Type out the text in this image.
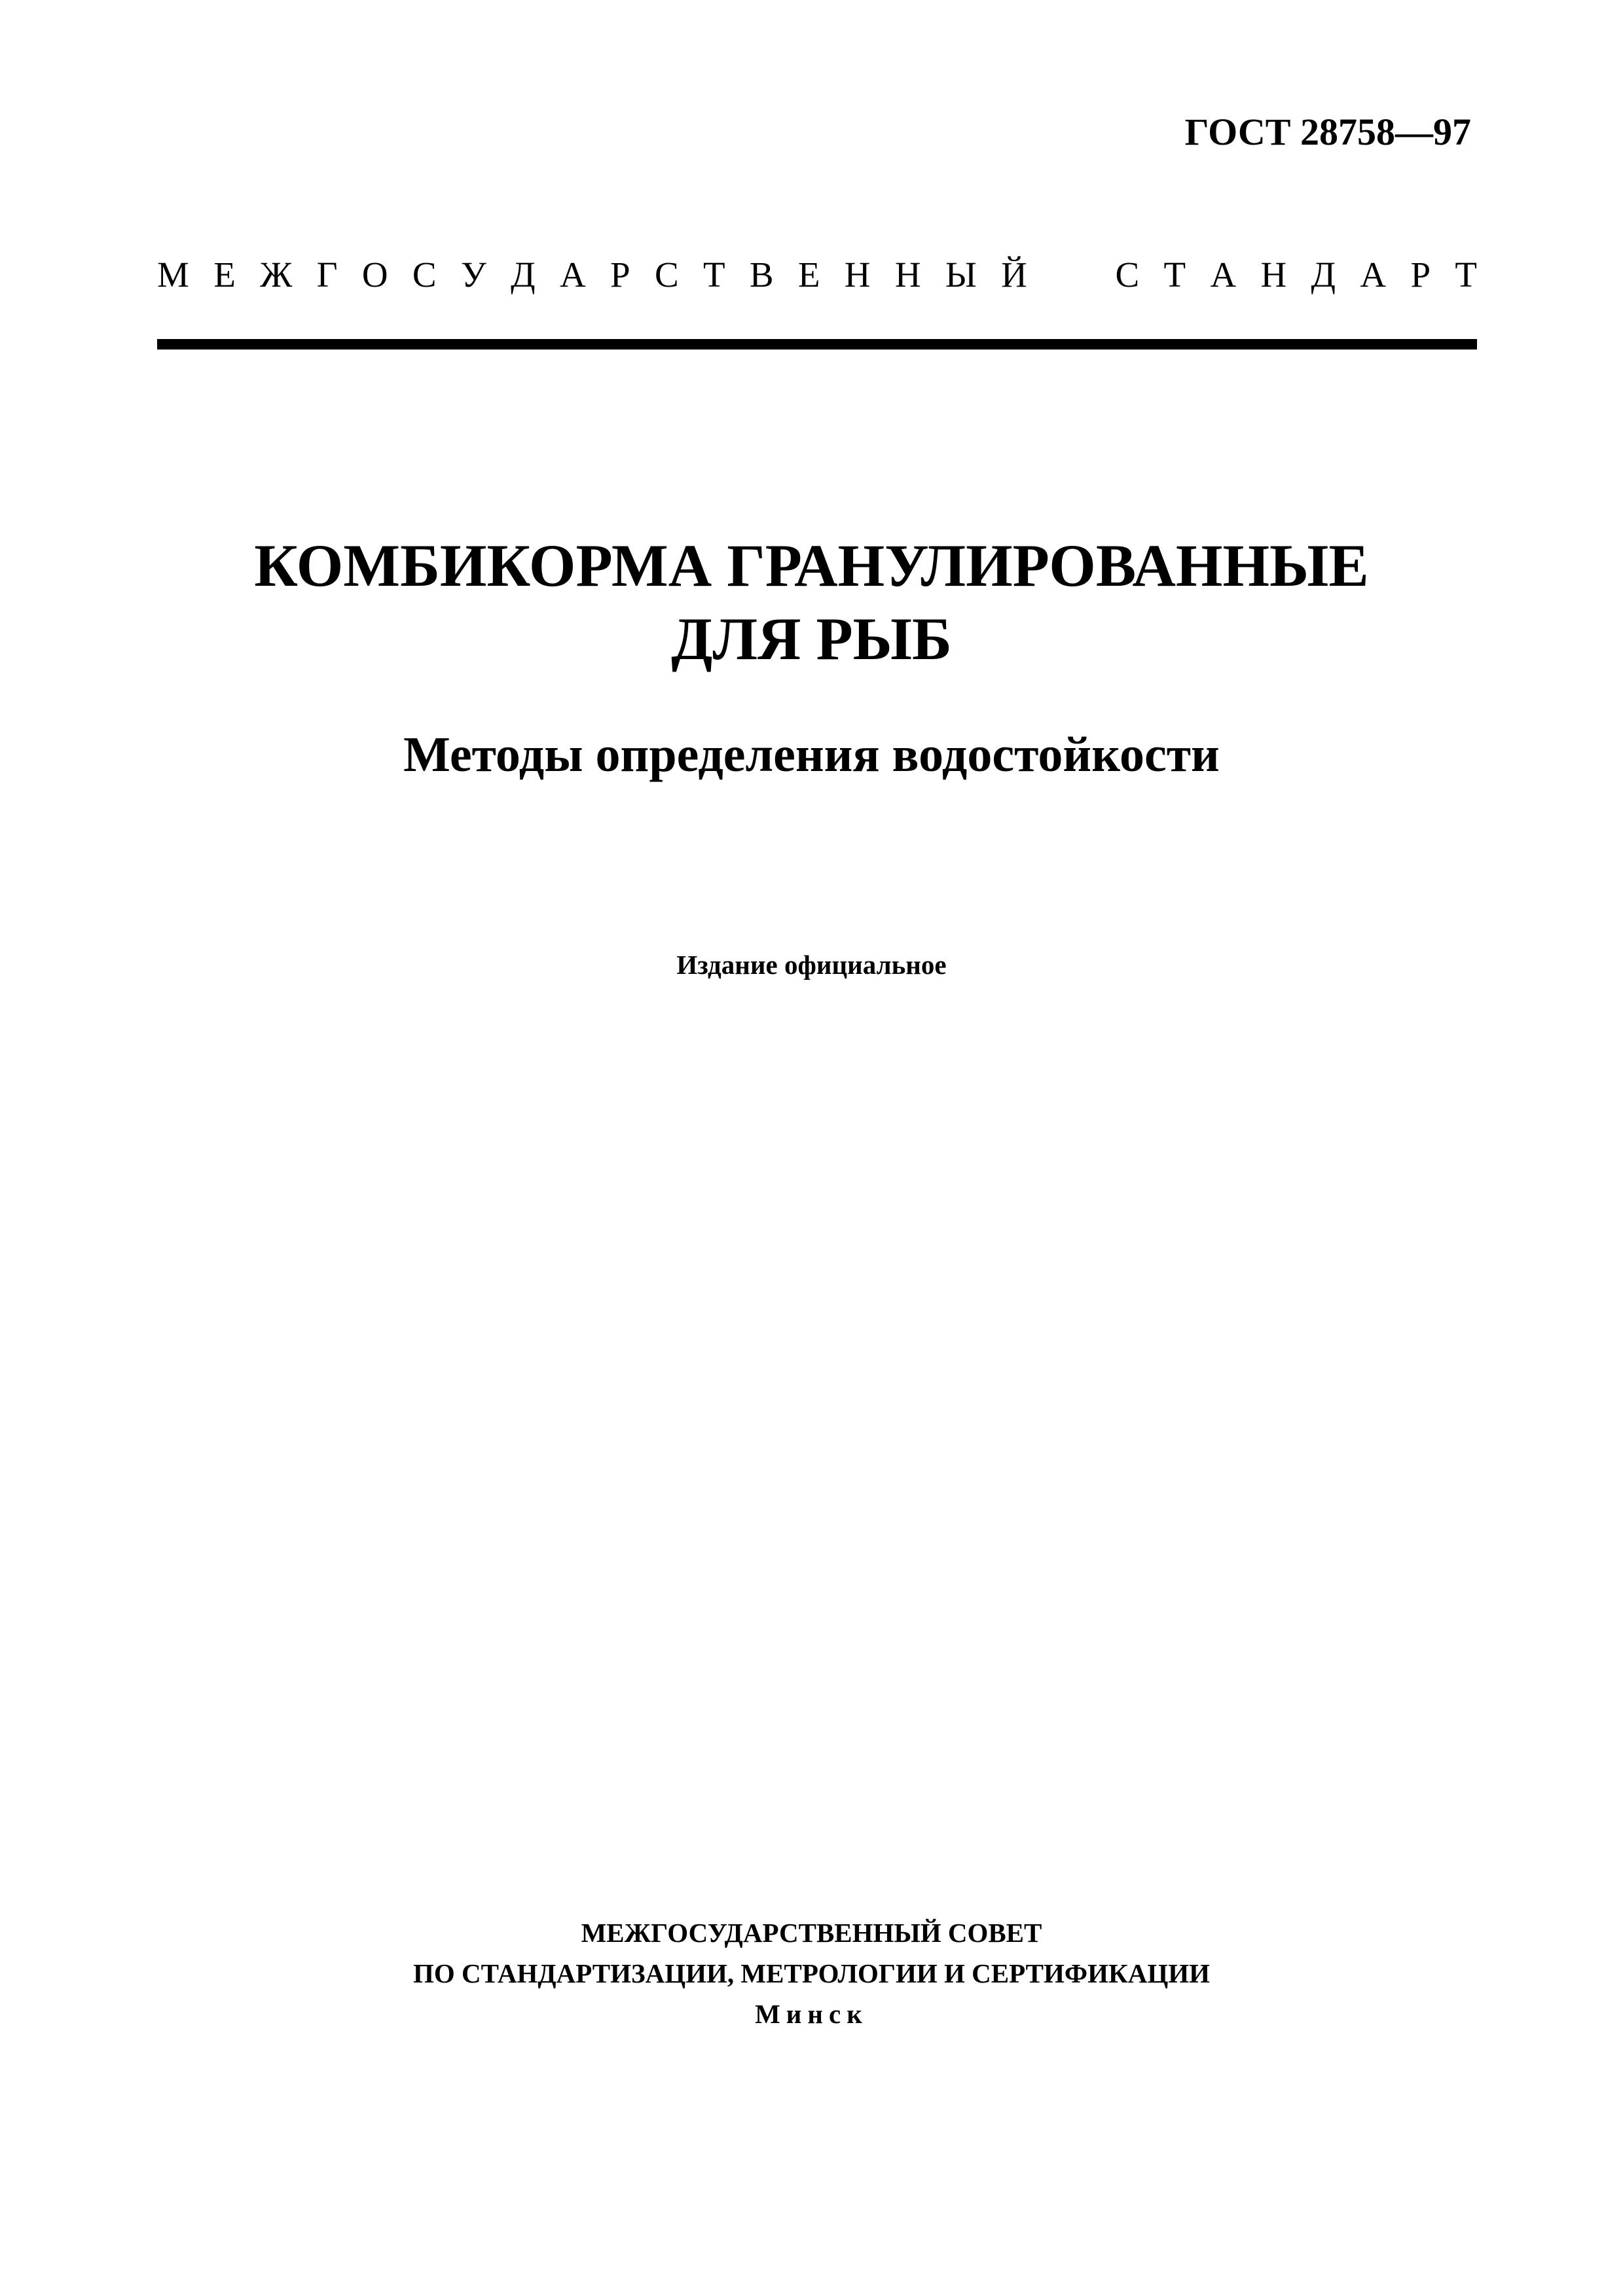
ГОСТ 28758—97
М Е Ж Г О С У Д А Р С Т В Е Н Н Ы Й С Т А Н Д А Р Т
КОМБИКОРМА ГРАНУЛИРОВАННЫЕ
ДЛЯ РЫБ
Методы определения водостойкости
Издание официальное
МЕЖГОСУДАРСТВЕННЫЙ СОВЕТ
ПО СТАНДАРТИЗАЦИИ, МЕТРОЛОГИИ И СЕРТИФИКАЦИИ
Минск
